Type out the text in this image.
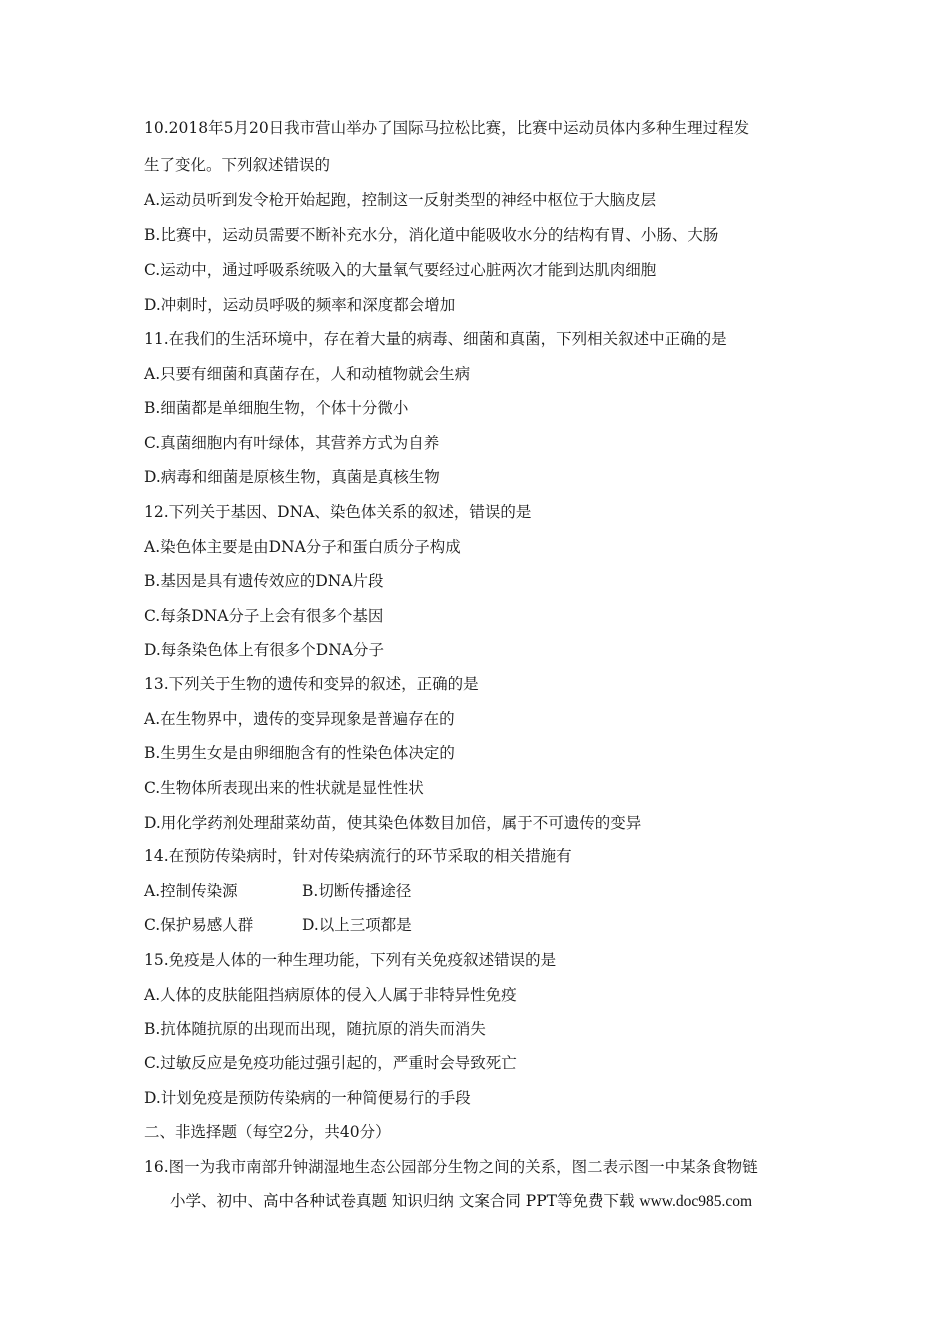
10.2018年5月20日我市营山举办了国际马拉松比赛，比赛中运动员体内多种生理过程发
生了变化。下列叙述错误的
A.运动员听到发令枪开始起跑，控制这一反射类型的神经中枢位于大脑皮层
B.比赛中，运动员需要不断补充水分，消化道中能吸收水分的结构有胃、小肠、大肠
C.运动中，通过呼吸系统吸入的大量氧气要经过心脏两次才能到达肌肉细胞
D.冲刺时，运动员呼吸的频率和深度都会增加
11.在我们的生活环境中，存在着大量的病毒、细菌和真菌，下列相关叙述中正确的是
A.只要有细菌和真菌存在，人和动植物就会生病
B.细菌都是单细胞生物，个体十分微小
C.真菌细胞内有叶绿体，其营养方式为自养
D.病毒和细菌是原核生物，真菌是真核生物
12.下列关于基因、DNA、染色体关系的叙述，错误的是
A.染色体主要是由DNA分子和蛋白质分子构成
B.基因是具有遗传效应的DNA片段
C.每条DNA分子上会有很多个基因
D.每条染色体上有很多个DNA分子
13.下列关于生物的遗传和变异的叙述，正确的是
A.在生物界中，遗传的变异现象是普遍存在的
B.生男生女是由卵细胞含有的性染色体决定的
C.生物体所表现出来的性状就是显性性状
D.用化学药剂处理甜菜幼苗，使其染色体数目加倍，属于不可遗传的变异
14.在预防传染病时，针对传染病流行的环节采取的相关措施有
A.控制传染源	B.切断传播途径
C.保护易感人群	D.以上三项都是
15.免疫是人体的一种生理功能，下列有关免疫叙述错误的是
A.人体的皮肤能阻挡病原体的侵入人属于非特异性免疫
B.抗体随抗原的出现而出现，随抗原的消失而消失
C.过敏反应是免疫功能过强引起的，严重时会导致死亡
D.计划免疫是预防传染病的一种简便易行的手段
二、非选择题（每空2分，共40分）
16.图一为我市南部升钟湖湿地生态公园部分生物之间的关系，图二表示图一中某条食物链
小学、初中、高中各种试卷真题 知识归纳 文案合同 PPT等免费下载 www.doc985.com
